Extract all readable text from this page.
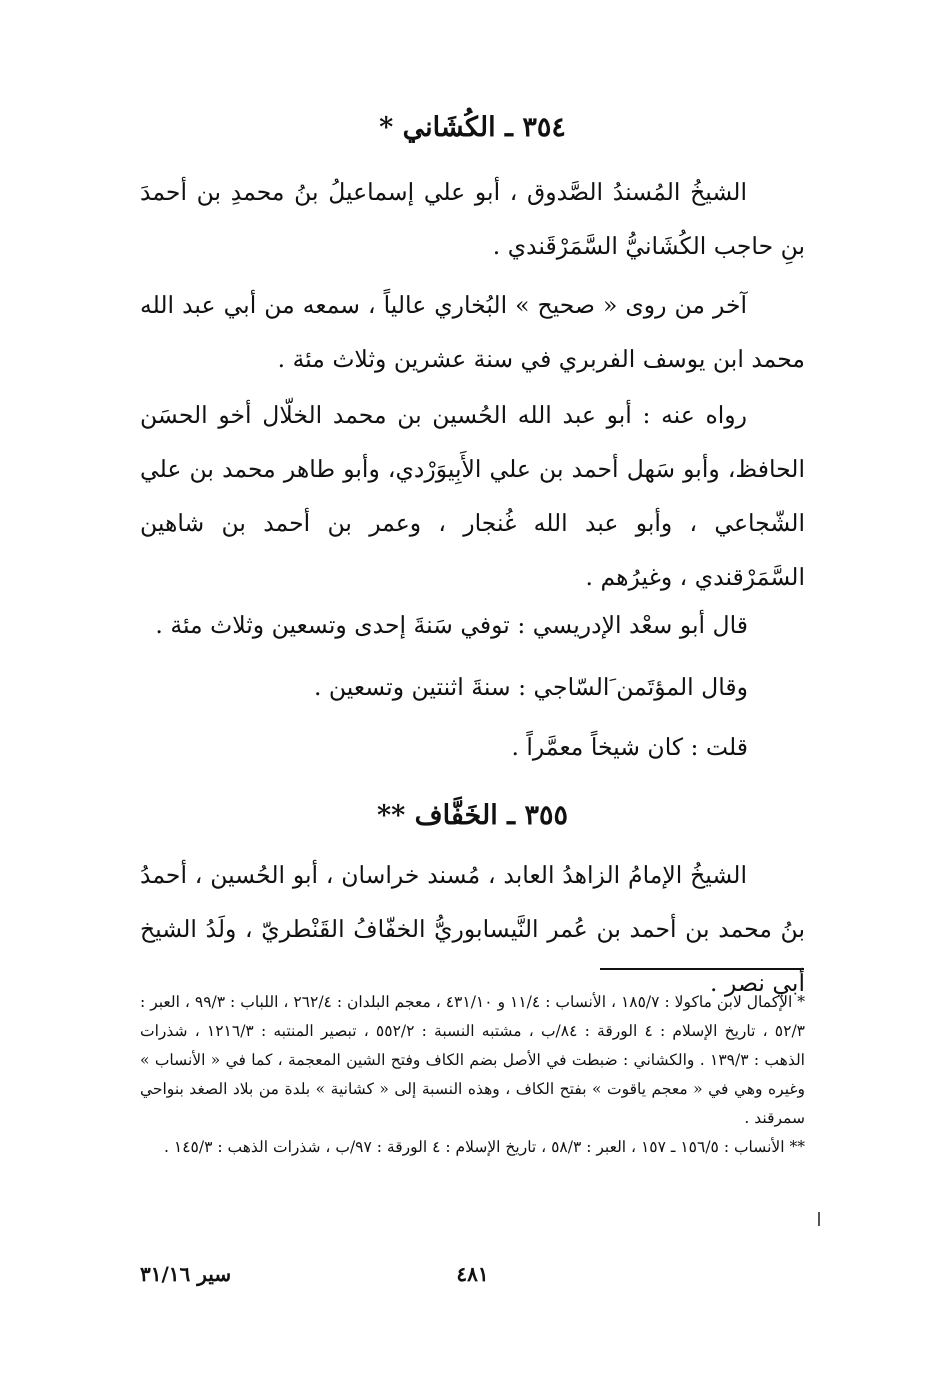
٣٥٤ ـ الكُشَاني *

الشيخُ المُسندُ الصَّدوق ، أبو علي إسماعيلُ بنُ محمدِ بن أحمدَ بنِ حاجب الكُشَانيُّ السَّمَرْقَندي .

آخر من روى « صحيح » البُخاري عالياً ، سمعه من أبي عبد الله محمد ابن يوسف الفربري في سنة عشرين وثلاث مئة .

رواه عنه : أبو عبد الله الحُسين بن محمد الخلّال أخو الحسَن الحافظ، وأبو سَهل أحمد بن علي الأَبِيوَرْدي، وأبو طاهر محمد بن علي الشّجاعي ، وأبو عبد الله غُنجار ، وعمر بن أحمد بن شاهين السَّمَرْقندي ، وغيرُهم .

قال أبو سعْد الإدريسي : توفي سَنةَ إحدى وتسعين وثلاث مئة .

وقال المؤتَمن َالسّاجي : سنةَ اثنتين وتسعين .

قلت : كان شيخاً معمَّراً .

٣٥٥ ـ الخَفَّاف **

الشيخُ الإمامُ الزاهدُ العابد ، مُسند خراسان ، أبو الحُسين ، أحمدُ بنُ محمد بن أحمد بن عُمر النَّيسابوريُّ الخفّافُ القَنْطريّ ، ولَدُ الشيخ أبي نصر .

* الإكمال لابن ماكولا : ١٨٥/٧ ، الأنساب : ١١/٤ و ٤٣١/١٠ ، معجم البلدان : ٢٦٢/٤ ، اللباب : ٩٩/٣ ، العبر : ٥٢/٣ ، تاريخ الإسلام : ٤ الورقة : ٨٤/ب ، مشتبه النسبة : ٥٥٢/٢ ، تبصير المنتبه : ١٢١٦/٣ ، شذرات الذهب : ١٣٩/٣ . والكشاني : ضبطت في الأصل بضم الكاف وفتح الشين المعجمة ، كما في « الأنساب » وغيره وهي في « معجم ياقوت » بفتح الكاف ، وهذه النسبة إلى « كشانية » بلدة من بلاد الصغد بنواحي سمرقند .

** الأنساب : ١٥٦/٥ ـ ١٥٧ ، العبر : ٥٨/٣ ، تاريخ الإسلام : ٤ الورقة : ٩٧/ب ، شذرات الذهب : ١٤٥/٣ .

٤٨١
سير ٣١/١٦
